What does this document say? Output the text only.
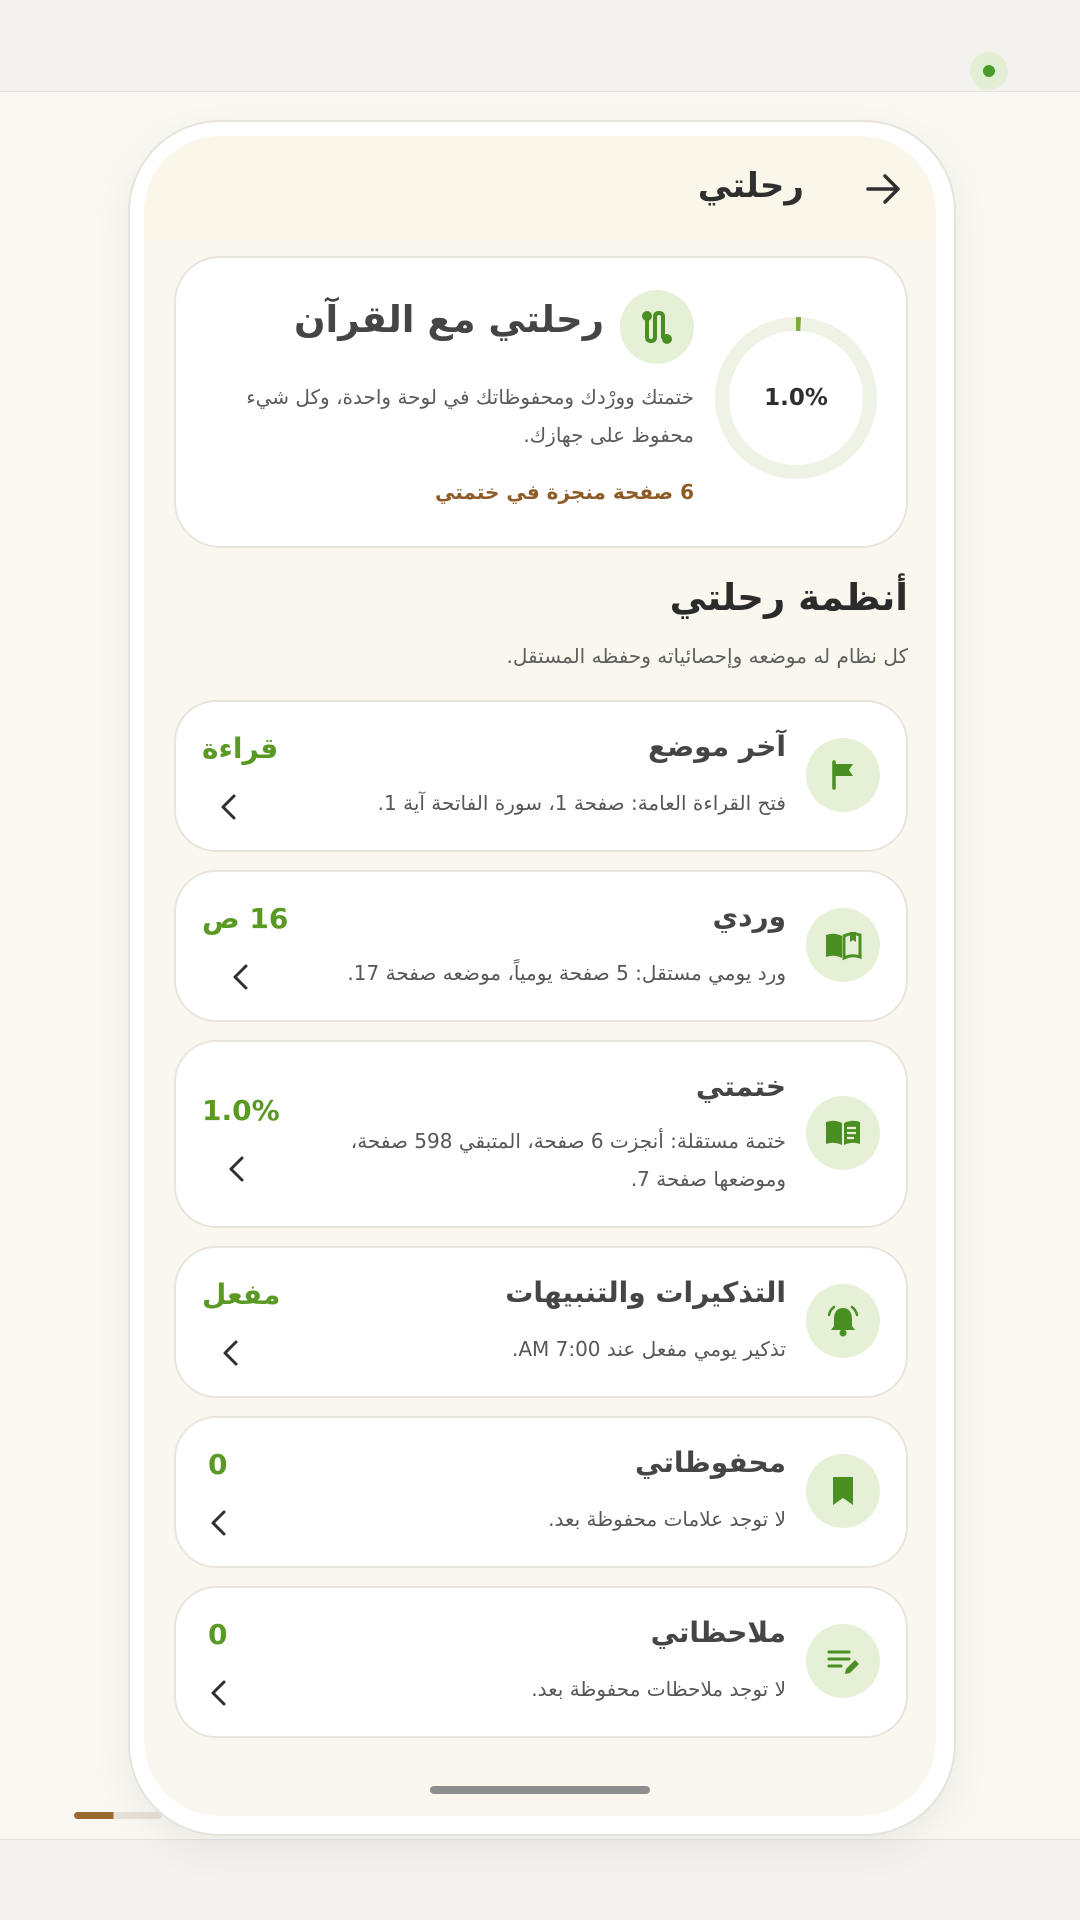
رحلتي
1.0%
رحلتي مع القرآن
ختمتك وورْدك ومحفوظاتك في لوحة واحدة، وكل شيء محفوظ على جهازك.
6 صفحة منجزة في ختمتي
أنظمة رحلتي
كل نظام له موضعه وإحصائياته وحفظه المستقل.
آخر موضع
فتح القراءة العامة: صفحة 1، سورة الفاتحة آية 1.
قراءة
وردي
ورد يومي مستقل: 5 صفحة يومياً، موضعه صفحة 17.
16 ص
ختمتي
ختمة مستقلة: أنجزت 6 صفحة، المتبقي 598 صفحة، وموضعها صفحة 7.
1.0%
التذكيرات والتنبيهات
تذكير يومي مفعل عند 7:00 AM.
مفعل
محفوظاتي
لا توجد علامات محفوظة بعد.
0
ملاحظاتي
لا توجد ملاحظات محفوظة بعد.
0
